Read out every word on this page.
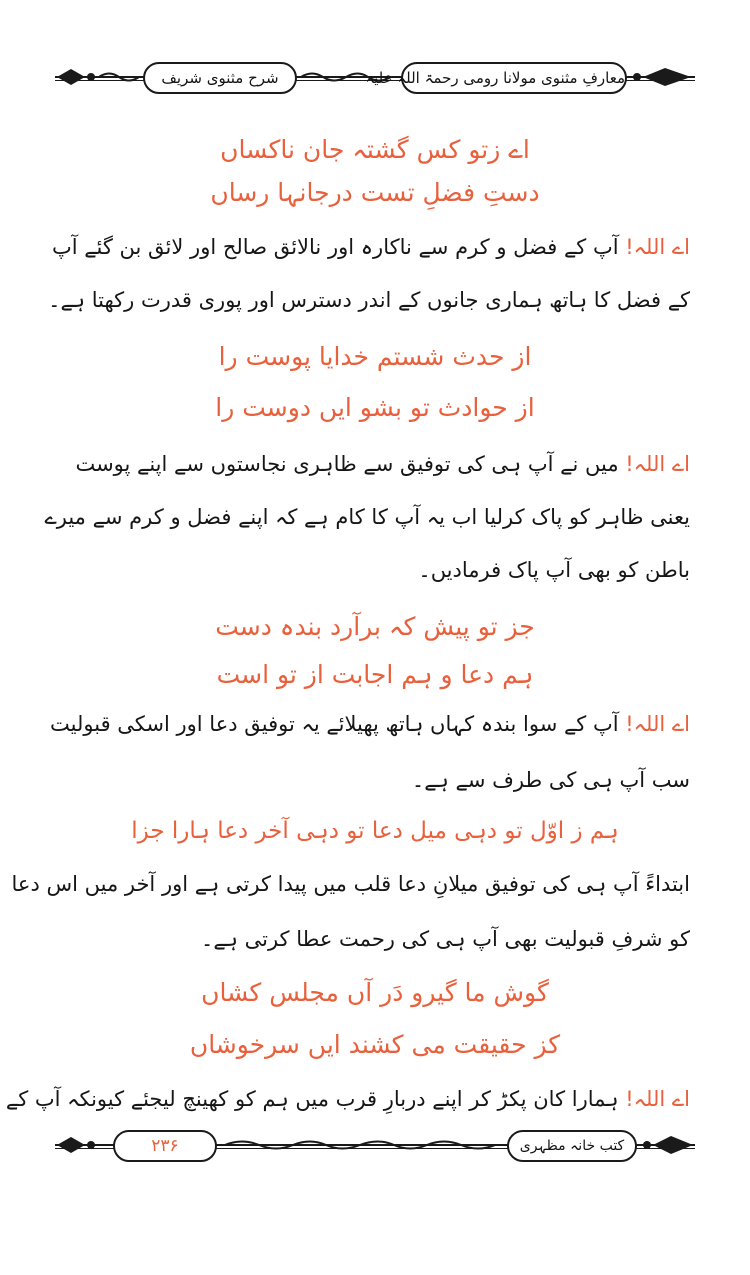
شرح مثنوی شریف	معارفِ مثنوی مولانا رومی رحمۃ اللہ علیہ
اے زتو کس گشتہ جان ناکساں
دستِ فضلِ تست درجانہا رساں
اے اللہ! آپ کے فضل و کرم سے ناکارہ اور نالائق صالح اور لائق بن گئے آپ
کے فضل کا ہاتھ ہماری جانوں کے اندر دسترس اور پوری قدرت رکھتا ہے۔
از حدث شستم خدایا پوست را
از حوادث تو بشو ایں دوست را
اے اللہ! میں نے آپ ہی کی توفیق سے ظاہری نجاستوں سے اپنے پوست
یعنی ظاہر کو پاک کرلیا اب یہ آپ کا کام ہے کہ اپنے فضل و کرم سے میرے
باطن کو بھی آپ پاک فرمادیں۔
جز تو پیش کہ برآرد بندہ دست
ہم دعا و ہم اجابت از تو است
اے اللہ! آپ کے سوا بندہ کہاں ہاتھ پھیلائے یہ توفیق دعا اور اسکی قبولیت
سب آپ ہی کی طرف سے ہے۔
ہم ز اوّل تو دہی میل دعا تو دہی آخر دعا ہارا جزا
ابتداءً آپ ہی کی توفیق میلانِ دعا قلب میں پیدا کرتی ہے اور آخر میں اس دعا
کو شرفِ قبولیت بھی آپ ہی کی رحمت عطا کرتی ہے۔
گوش ما گیرو دَر آں مجلس کشاں
کز حقیقت می کشند ایں سرخوشاں
اے اللہ! ہمارا کان پکڑ کر اپنے دربارِ قرب میں ہم کو کھینچ لیجئے کیونکہ آپ کے
۲۳۶	کتب خانہ مظہری
